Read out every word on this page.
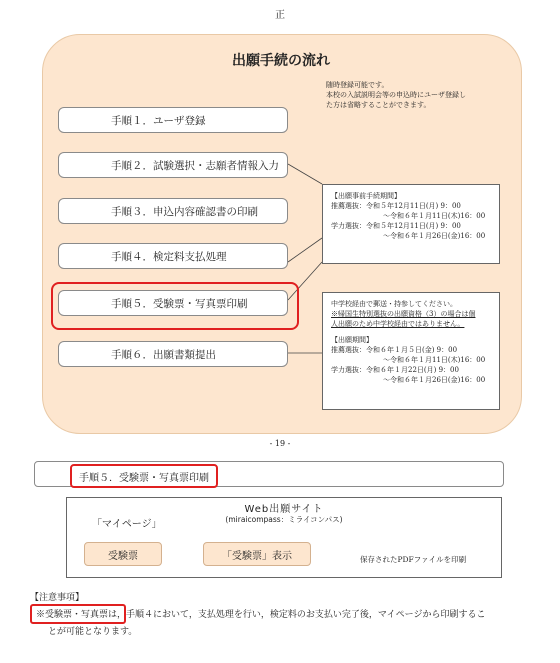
正
出願手続の流れ
随時登録可能です。
本校の入試説明会等の申込時にユーザ登録し
た方は省略することができます。
手順１．ユーザ登録
手順２．試験選択・志願者情報入力
手順３．申込内容確認書の印刷
手順４．検定料支払処理
手順５．受験票・写真票印刷
手順６．出願書類提出
【出願事前手続期間】
推薦選抜：令和５年12月11日(月) 9：00
～令和６年１月11日(木)16：00
学力選抜：令和５年12月11日(月) 9：00
～令和６年１月26日(金)16：00
中学校経由で郵送・持参してください。
※帰国生特別選抜の出願資格（3）の場合は個
人出願のため中学校経由ではありません。
【出願期間】
推薦選抜：令和６年１月５日(金) 9：00
～令和６年１月11日(木)16：00
学力選抜：令和６年１月22日(月) 9：00
～令和６年１月26日(金)16：00
- 19 -
手順５．受験票・写真票印刷
Web出願サイト
(miraicompass：ミライコンパス)
「マイページ」
受験票	「受験票」表示	保存されたPDFファイルを印刷
【注意事項】
※受験票・写真票は，手順４において，支払処理を行い，検定料のお支払い完了後，マイページから印刷するこ
とが可能となります。
